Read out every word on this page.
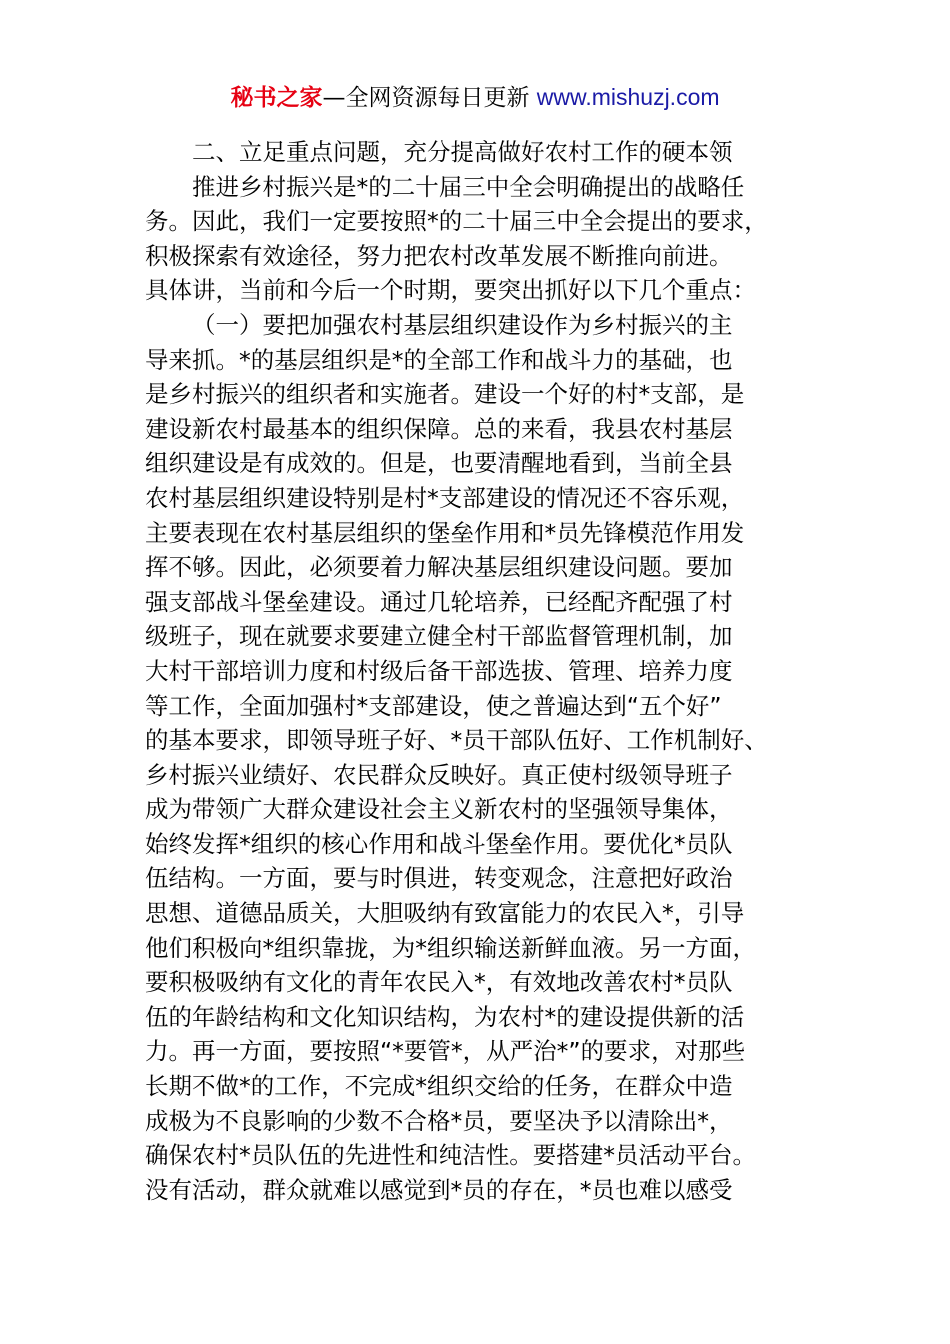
秘书之家—全网资源每日更新 www.mishuzj.com
二、立足重点问题，充分提高做好农村工作的硬本领
推进乡村振兴是*的二十届三中全会明确提出的战略任
务。因此，我们一定要按照*的二十届三中全会提出的要求，
积极探索有效途径，努力把农村改革发展不断推向前进。
具体讲，当前和今后一个时期，要突出抓好以下几个重点：
（一）要把加强农村基层组织建设作为乡村振兴的主
导来抓。*的基层组织是*的全部工作和战斗力的基础，也
是乡村振兴的组织者和实施者。建设一个好的村*支部，是
建设新农村最基本的组织保障。总的来看，我县农村基层
组织建设是有成效的。但是，也要清醒地看到，当前全县
农村基层组织建设特别是村*支部建设的情况还不容乐观，
主要表现在农村基层组织的堡垒作用和*员先锋模范作用发
挥不够。因此，必须要着力解决基层组织建设问题。要加
强支部战斗堡垒建设。通过几轮培养，已经配齐配强了村
级班子，现在就要求要建立健全村干部监督管理机制，加
大村干部培训力度和村级后备干部选拔、管理、培养力度
等工作，全面加强村*支部建设，使之普遍达到“五个好”
的基本要求，即领导班子好、*员干部队伍好、工作机制好、
乡村振兴业绩好、农民群众反映好。真正使村级领导班子
成为带领广大群众建设社会主义新农村的坚强领导集体，
始终发挥*组织的核心作用和战斗堡垒作用。要优化*员队
伍结构。一方面，要与时俱进，转变观念，注意把好政治
思想、道德品质关，大胆吸纳有致富能力的农民入*，引导
他们积极向*组织靠拢，为*组织输送新鲜血液。另一方面，
要积极吸纳有文化的青年农民入*，有效地改善农村*员队
伍的年龄结构和文化知识结构，为农村*的建设提供新的活
力。再一方面，要按照“*要管*，从严治*”的要求，对那些
长期不做*的工作，不完成*组织交给的任务，在群众中造
成极为不良影响的少数不合格*员，要坚决予以清除出*，
确保农村*员队伍的先进性和纯洁性。要搭建*员活动平台。
没有活动，群众就难以感觉到*员的存在，*员也难以感受
